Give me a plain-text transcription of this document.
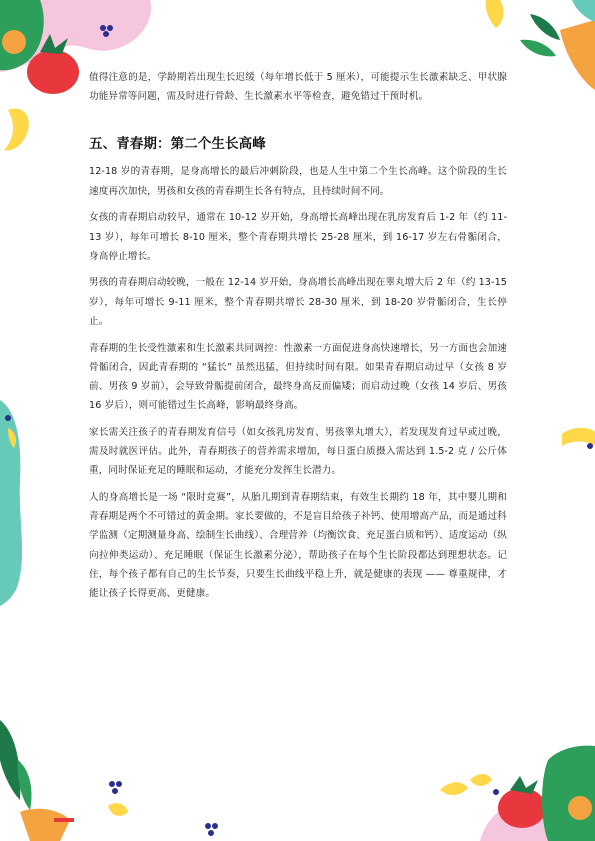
值得注意的是，学龄期若出现生长迟缓（每年增长低于 5 厘米），可能提示生长激素缺乏、甲状腺功能异常等问题，需及时进行骨龄、生长激素水平等检查，避免错过干预时机。

五、青春期：第二个生长高峰

12-18 岁的青春期，是身高增长的最后冲刺阶段，也是人生中第二个生长高峰。这个阶段的生长速度再次加快，男孩和女孩的青春期生长各有特点，且持续时间不同。

女孩的青春期启动较早，通常在 10-12 岁开始，身高增长高峰出现在乳房发育后 1-2 年（约 11-13 岁），每年可增长 8-10 厘米，整个青春期共增长 25-28 厘米，到 16-17 岁左右骨骺闭合，身高停止增长。

男孩的青春期启动较晚，一般在 12-14 岁开始，身高增长高峰出现在睾丸增大后 2 年（约 13-15 岁），每年可增长 9-11 厘米，整个青春期共增长 28-30 厘米，到 18-20 岁骨骺闭合，生长停止。

青春期的生长受性激素和生长激素共同调控：性激素一方面促进身高快速增长，另一方面也会加速骨骺闭合，因此青春期的 “猛长” 虽然迅猛，但持续时间有限。如果青春期启动过早（女孩 8 岁前、男孩 9 岁前），会导致骨骺提前闭合，最终身高反而偏矮；而启动过晚（女孩 14 岁后、男孩 16 岁后），则可能错过生长高峰，影响最终身高。

家长需关注孩子的青春期发育信号（如女孩乳房发育、男孩睾丸增大），若发现发育过早或过晚，需及时就医评估。此外，青春期孩子的营养需求增加，每日蛋白质摄入需达到 1.5-2 克 / 公斤体重，同时保证充足的睡眠和运动，才能充分发挥生长潜力。

人的身高增长是一场 “限时竞赛”，从胎儿期到青春期结束，有效生长期约 18 年，其中婴儿期和青春期是两个不可错过的黄金期。家长要做的，不是盲目给孩子补钙、使用增高产品，而是通过科学监测（定期测量身高、绘制生长曲线）、合理营养（均衡饮食、充足蛋白质和钙）、适度运动（纵向拉伸类运动）、充足睡眠（保证生长激素分泌），帮助孩子在每个生长阶段都达到理想状态。记住，每个孩子都有自己的生长节奏，只要生长曲线平稳上升，就是健康的表现 —— 尊重规律，才能让孩子长得更高、更健康。
